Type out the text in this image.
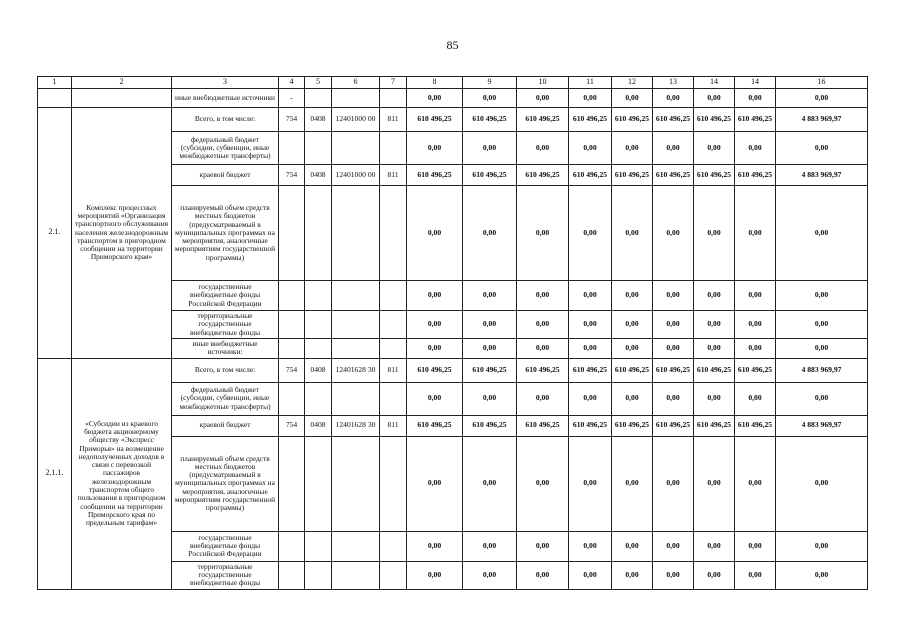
85
1	2	3	4	5	6	7	8	9	10	11	12	13	14	14	16
		иные внебюджетные источники	-				0,00	0,00	0,00	0,00	0,00	0,00	0,00	0,00	0,00
2.1.	Комплекс процессных мероприятий «Организация транспортного обслуживания населения железнодорожным транспортом в пригородном сообщении на территории Приморского края»	Всего, в том числе:	754	0408	12401000 00	811	610 496,25	610 496,25	610 496,25	610 496,25	610 496,25	610 496,25	610 496,25	610 496,25	4 883 969,97
		федеральный бюджет (субсидии, субвенции, иные межбюджетные трансферты)					0,00	0,00	0,00	0,00	0,00	0,00	0,00	0,00	0,00
		краевой бюджет	754	0408	12401000 00	811	610 496,25	610 496,25	610 496,25	610 496,25	610 496,25	610 496,25	610 496,25	610 496,25	4 883 969,97
		планируемый объем средств местных бюджетов (предусматриваемый в муниципальных программах на мероприятия, аналогичные мероприятиям государственной программы)					0,00	0,00	0,00	0,00	0,00	0,00	0,00	0,00	0,00
		государственные внебюджетные фонды Российской Федерации					0,00	0,00	0,00	0,00	0,00	0,00	0,00	0,00	0,00
		территориальные государственные внебюджетные фонды					0,00	0,00	0,00	0,00	0,00	0,00	0,00	0,00	0,00
		иные внебюджетные источники:					0,00	0,00	0,00	0,00	0,00	0,00	0,00	0,00	0,00
2.1.1.	«Субсидии из краевого бюджета акционерному обществу «Экспресс Приморья» на возмещение недополученных доходов в связи с перевозкой пассажиров железнодорожным транспортом общего пользования в пригородном сообщении на территории Приморского края по предельным тарифам»	Всего, в том числе:	754	0408	12401628 30	811	610 496,25	610 496,25	610 496,25	610 496,25	610 496,25	610 496,25	610 496,25	610 496,25	4 883 969,97
		федеральный бюджет (субсидии, субвенции, иные межбюджетные трансферты)					0,00	0,00	0,00	0,00	0,00	0,00	0,00	0,00	0,00
		краевой бюджет	754	0408	12401628 30	811	610 496,25	610 496,25	610 496,25	610 496,25	610 496,25	610 496,25	610 496,25	610 496,25	4 883 969,97
		планируемый объем средств местных бюджетов (предусматриваемый в муниципальных программах на мероприятия, аналогичные мероприятиям государственной программы)					0,00	0,00	0,00	0,00	0,00	0,00	0,00	0,00	0,00
		государственные внебюджетные фонды Российской Федерации					0,00	0,00	0,00	0,00	0,00	0,00	0,00	0,00	0,00
		территориальные государственные внебюджетные фонды					0,00	0,00	0,00	0,00	0,00	0,00	0,00	0,00	0,00
